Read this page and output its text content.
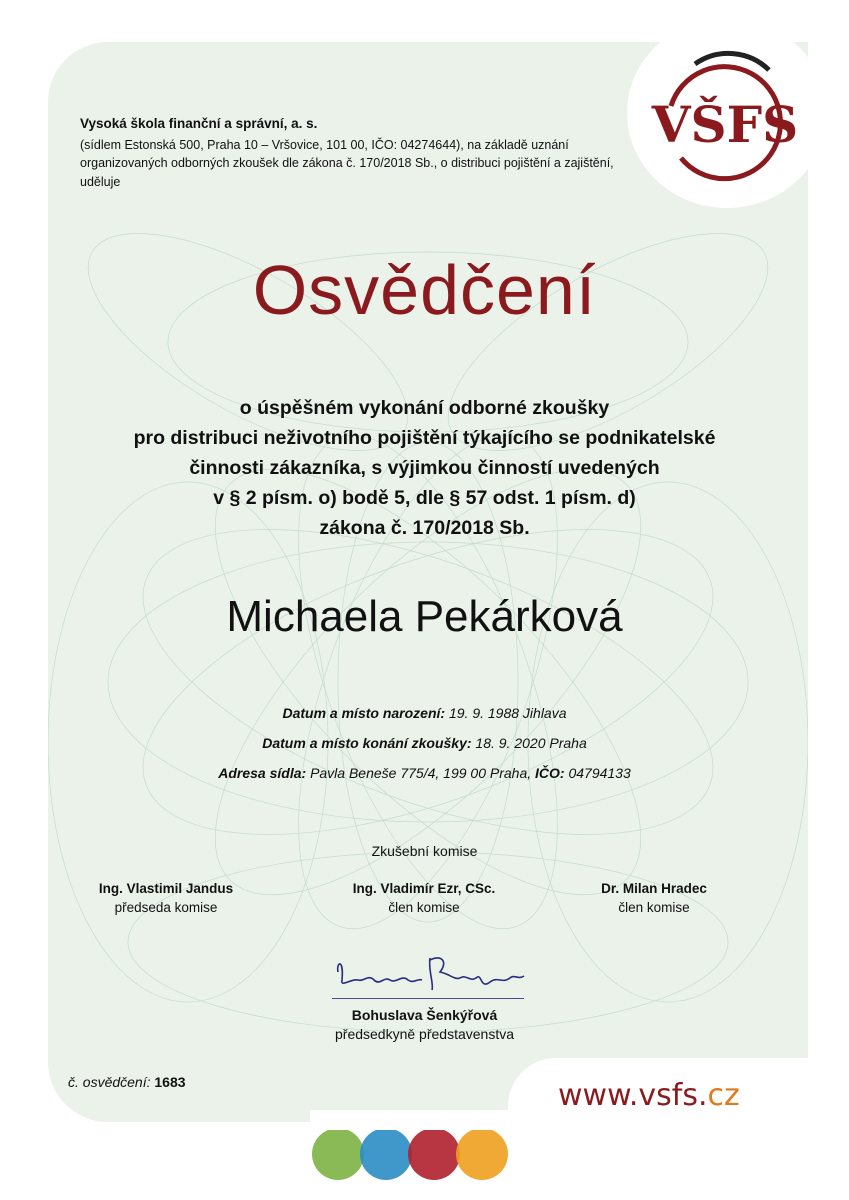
VŠFS
Vysoká škola finanční a správní, a. s.
(sídlem Estonská 500, Praha 10 – Vršovice, 101 00, IČO: 04274644), na základě uznání organizovaných odborných zkoušek dle zákona č. 170/2018 Sb., o distribuci pojištění a zajištění, uděluje
Osvědčení
o úspěšném vykonání odborné zkoušky
pro distribuci neživotního pojištění týkajícího se podnikatelské
činnosti zákazníka, s výjimkou činností uvedených
v § 2 písm. o) bodě 5, dle § 57 odst. 1 písm. d)
zákona č. 170/2018 Sb.
Michaela Pekárková
Datum a místo narození: 19. 9. 1988 Jihlava
Datum a místo konání zkoušky: 18. 9. 2020 Praha
Adresa sídla: Pavla Beneše 775/4, 199 00 Praha, IČO: 04794133
Zkušební komise
Ing. Vlastimil Jandus
předseda komise
Ing. Vladimír Ezr, CSc.
člen komise
Dr. Milan Hradec
člen komise
Bohuslava Šenkýřová
předsedkyně představenstva
č. osvědčení: 1683	www.vsfs.cz
